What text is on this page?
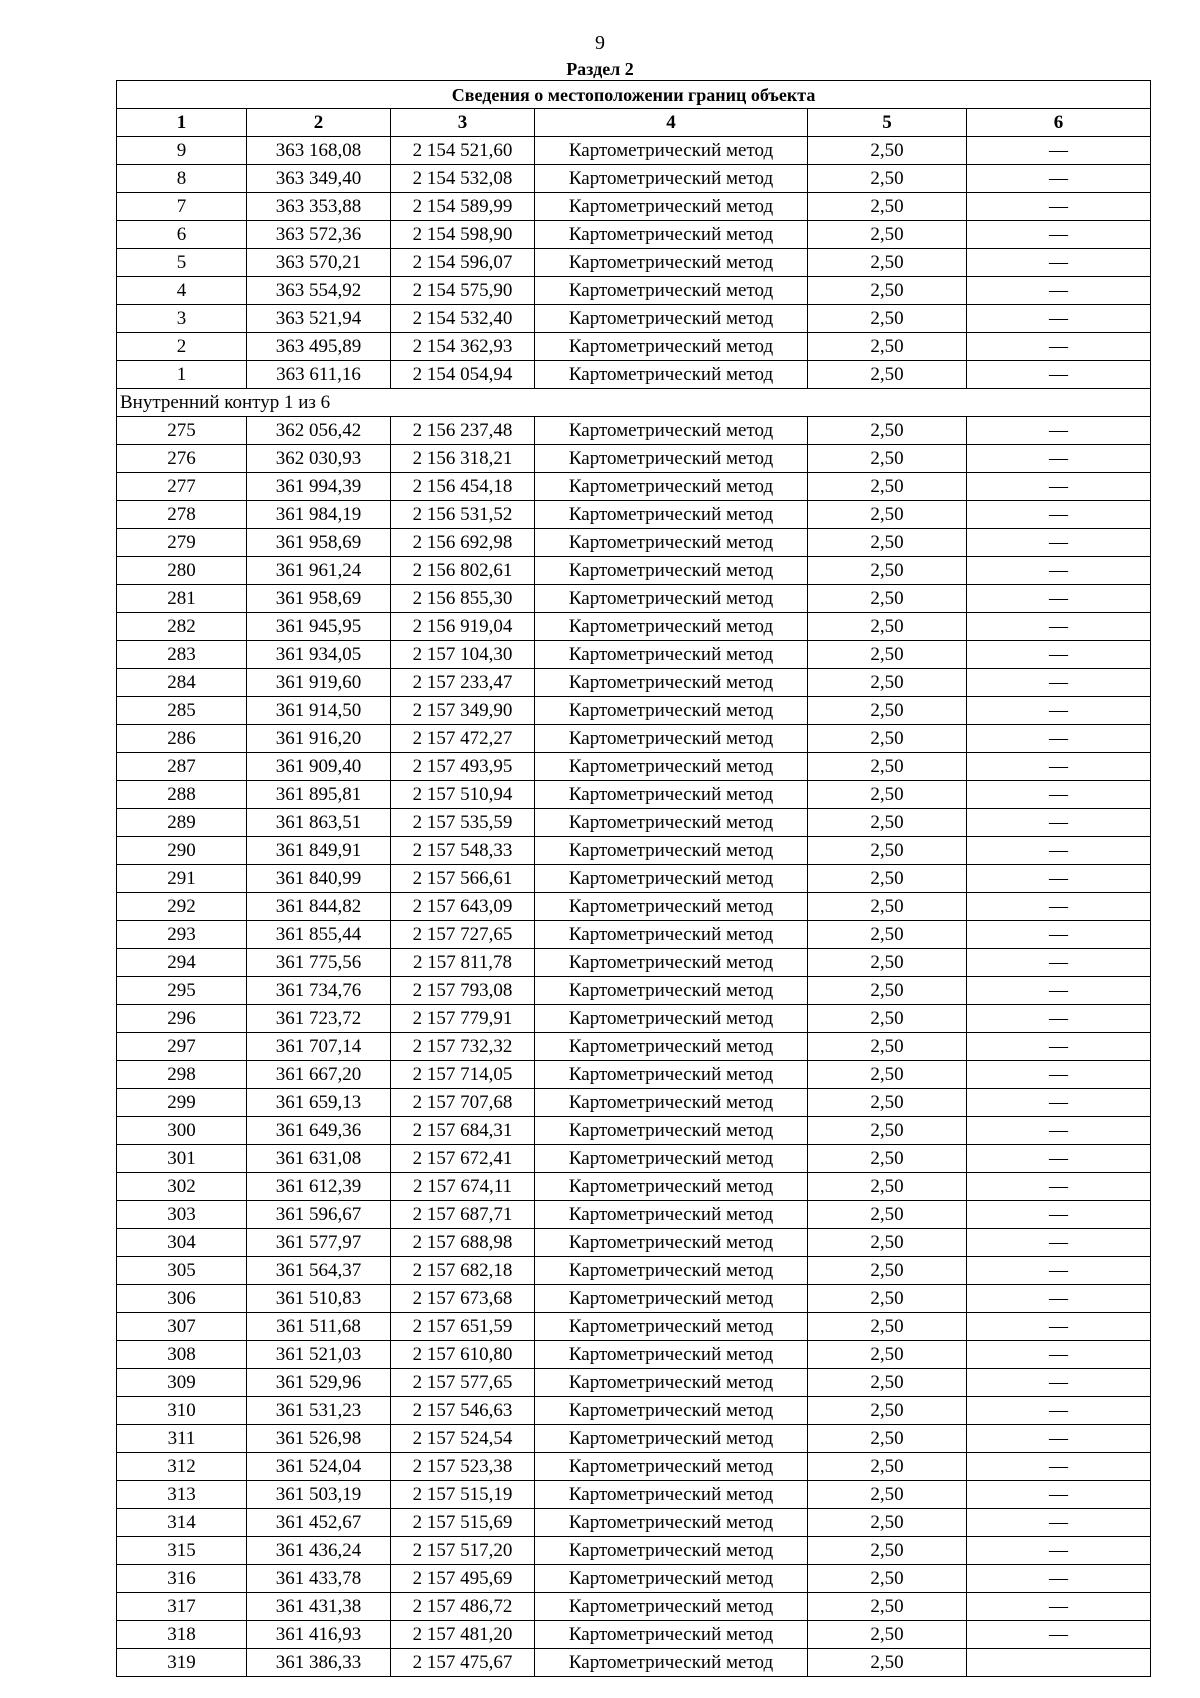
9
Раздел 2
Сведения о местоположении границ объекта					
1	2	3	4	5	6
9	363 168,08	2 154 521,60	Картометрический метод	2,50	—
8	363 349,40	2 154 532,08	Картометрический метод	2,50	—
7	363 353,88	2 154 589,99	Картометрический метод	2,50	—
6	363 572,36	2 154 598,90	Картометрический метод	2,50	—
5	363 570,21	2 154 596,07	Картометрический метод	2,50	—
4	363 554,92	2 154 575,90	Картометрический метод	2,50	—
3	363 521,94	2 154 532,40	Картометрический метод	2,50	—
2	363 495,89	2 154 362,93	Картометрический метод	2,50	—
1	363 611,16	2 154 054,94	Картометрический метод	2,50	—
Внутренний контур 1 из 6					
275	362 056,42	2 156 237,48	Картометрический метод	2,50	—
276	362 030,93	2 156 318,21	Картометрический метод	2,50	—
277	361 994,39	2 156 454,18	Картометрический метод	2,50	—
278	361 984,19	2 156 531,52	Картометрический метод	2,50	—
279	361 958,69	2 156 692,98	Картометрический метод	2,50	—
280	361 961,24	2 156 802,61	Картометрический метод	2,50	—
281	361 958,69	2 156 855,30	Картометрический метод	2,50	—
282	361 945,95	2 156 919,04	Картометрический метод	2,50	—
283	361 934,05	2 157 104,30	Картометрический метод	2,50	—
284	361 919,60	2 157 233,47	Картометрический метод	2,50	—
285	361 914,50	2 157 349,90	Картометрический метод	2,50	—
286	361 916,20	2 157 472,27	Картометрический метод	2,50	—
287	361 909,40	2 157 493,95	Картометрический метод	2,50	—
288	361 895,81	2 157 510,94	Картометрический метод	2,50	—
289	361 863,51	2 157 535,59	Картометрический метод	2,50	—
290	361 849,91	2 157 548,33	Картометрический метод	2,50	—
291	361 840,99	2 157 566,61	Картометрический метод	2,50	—
292	361 844,82	2 157 643,09	Картометрический метод	2,50	—
293	361 855,44	2 157 727,65	Картометрический метод	2,50	—
294	361 775,56	2 157 811,78	Картометрический метод	2,50	—
295	361 734,76	2 157 793,08	Картометрический метод	2,50	—
296	361 723,72	2 157 779,91	Картометрический метод	2,50	—
297	361 707,14	2 157 732,32	Картометрический метод	2,50	—
298	361 667,20	2 157 714,05	Картометрический метод	2,50	—
299	361 659,13	2 157 707,68	Картометрический метод	2,50	—
300	361 649,36	2 157 684,31	Картометрический метод	2,50	—
301	361 631,08	2 157 672,41	Картометрический метод	2,50	—
302	361 612,39	2 157 674,11	Картометрический метод	2,50	—
303	361 596,67	2 157 687,71	Картометрический метод	2,50	—
304	361 577,97	2 157 688,98	Картометрический метод	2,50	—
305	361 564,37	2 157 682,18	Картометрический метод	2,50	—
306	361 510,83	2 157 673,68	Картометрический метод	2,50	—
307	361 511,68	2 157 651,59	Картометрический метод	2,50	—
308	361 521,03	2 157 610,80	Картометрический метод	2,50	—
309	361 529,96	2 157 577,65	Картометрический метод	2,50	—
310	361 531,23	2 157 546,63	Картометрический метод	2,50	—
311	361 526,98	2 157 524,54	Картометрический метод	2,50	—
312	361 524,04	2 157 523,38	Картометрический метод	2,50	—
313	361 503,19	2 157 515,19	Картометрический метод	2,50	—
314	361 452,67	2 157 515,69	Картометрический метод	2,50	—
315	361 436,24	2 157 517,20	Картометрический метод	2,50	—
316	361 433,78	2 157 495,69	Картометрический метод	2,50	—
317	361 431,38	2 157 486,72	Картометрический метод	2,50	—
318	361 416,93	2 157 481,20	Картометрический метод	2,50	—
319	361 386,33	2 157 475,67	Картометрический метод	2,50	
